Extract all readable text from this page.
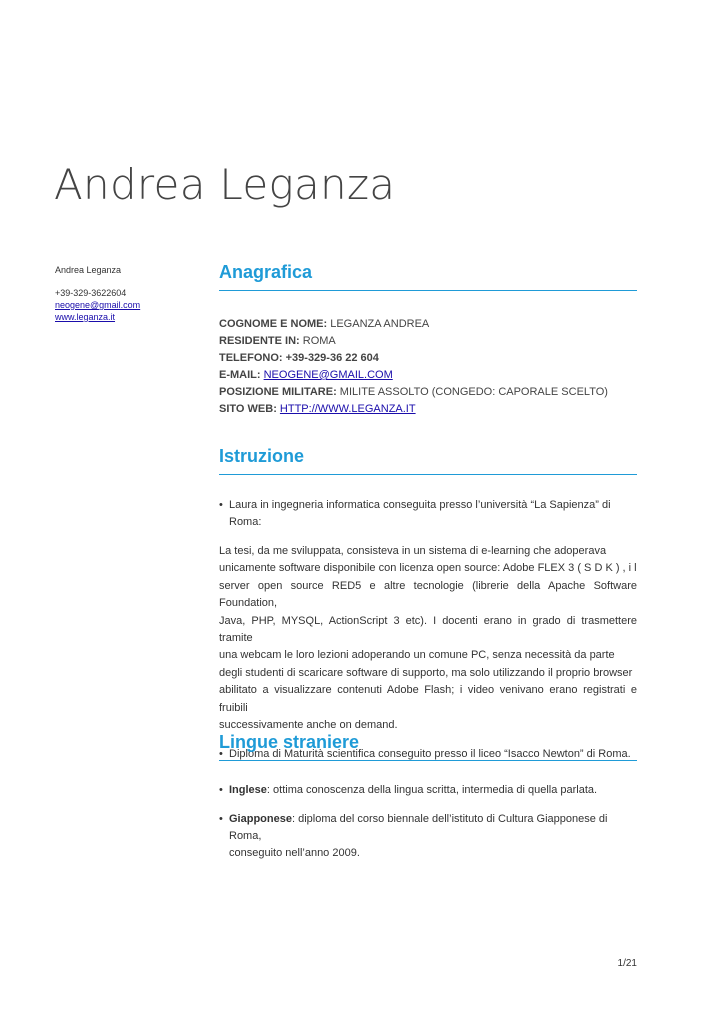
Andrea Leganza
Andrea Leganza
+39-329-3622604
neogene@gmail.com
www.leganza.it
Anagrafica
COGNOME E NOME: LEGANZA ANDREA
RESIDENTE IN: ROMA
TELEFONO: +39-329-36 22 604
E-MAIL: NEOGENE@GMAIL.COM
POSIZIONE MILITARE: MILITE ASSOLTO (CONGEDO: CAPORALE SCELTO)
SITO WEB: HTTP://WWW.LEGANZA.IT
Istruzione
• Laura in ingegneria informatica conseguita presso l’università “La Sapienza” di Roma:
La tesi, da me sviluppata, consisteva in un sistema di e-learning che adoperava
unicamente software disponibile con licenza open source: Adobe FLEX 3 ( S D K ) , i l
server open source RED5 e altre tecnologie (librerie della Apache Software Foundation,
Java, PHP, MYSQL, ActionScript 3 etc). I docenti erano in grado di trasmettere tramite
una webcam le loro lezioni adoperando un comune PC, senza necessità da parte
degli studenti di scaricare software di supporto, ma solo utilizzando il proprio browser
abilitato a visualizzare contenuti Adobe Flash; i video venivano erano registrati e fruibili
successivamente anche on demand.
• Diploma di Maturità scientifica conseguito presso il liceo “Isacco Newton” di Roma.
Lingue straniere
• Inglese: ottima conoscenza della lingua scritta, intermedia di quella parlata.
• Giapponese: diploma del corso biennale dell’istituto di Cultura Giapponese di Roma,
conseguito nell’anno 2009.
1/21
